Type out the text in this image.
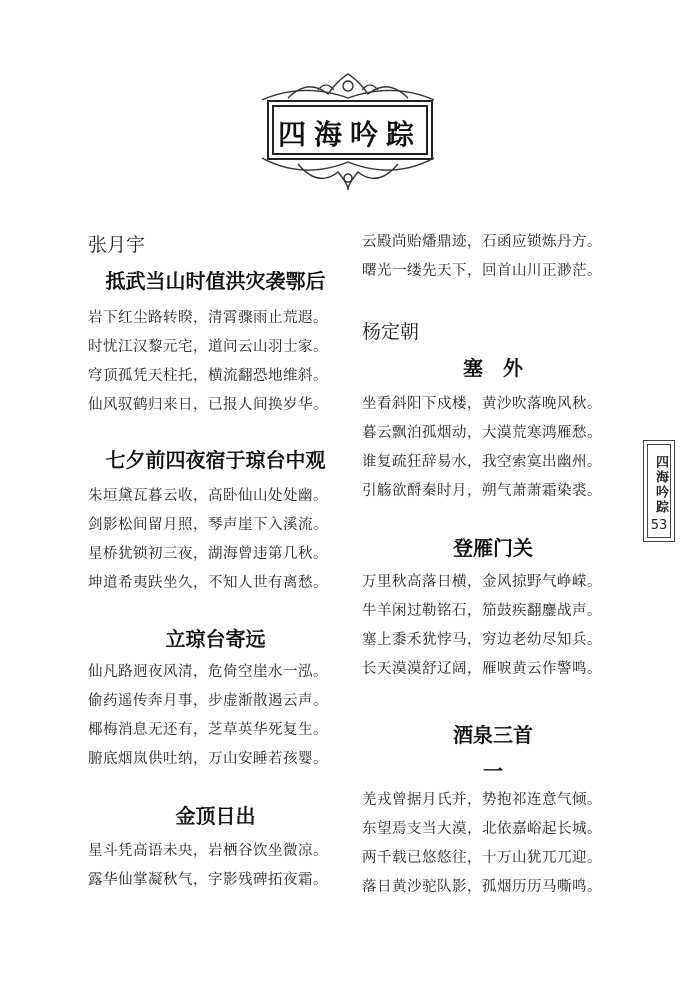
四海吟踪
张月宇
抵武当山时值洪灾袭鄂后
岩下红尘路转睽，清霄骤雨止荒遐。
时忧江汉黎元宅，道问云山羽士家。
穹顶孤凭天柱托，横流翻恐地维斜。
仙风驭鹤归来日，已报人间换岁华。
七夕前四夜宿于琼台中观
朱垣黛瓦暮云收，高卧仙山处处幽。
剑影松间留月照，琴声崖下入溪流。
星桥犹锁初三夜，湖海曾违第几秋。
坤道希夷趺坐久，不知人世有离愁。
立琼台寄远
仙凡路迥夜风清，危倚空崖水一泓。
偷药遥传奔月事，步虚渐散遏云声。
椰梅消息无还有，芝草英华死复生。
腑底烟岚供吐纳，万山安睡若孩婴。
金顶日出
星斗凭高语未央，岩栖谷饮坐微凉。
露华仙掌凝秋气，字影残碑拓夜霜。
云殿尚贻燔鼎迹，石函应锁炼丹方。
曙光一缕先天下，回首山川正渺茫。
杨定朝
塞　外
坐看斜阳下戍楼，黄沙吹落晚风秋。
暮云飘泊孤烟动，大漠荒寒鸿雁愁。
谁复疏狂辞易水，我空索寞出幽州。
引觞欲酹秦时月，朔气萧萧霜染裘。
登雁门关
万里秋高落日横，金风掠野气峥嵘。
牛羊闲过勒铭石，笳鼓疾翻鏖战声。
塞上黍禾犹悖马，穷边老幼尽知兵。
长天漠漠舒辽阔，雁唳黄云作警鸣。
酒泉三首
一
羌戎曾据月氏并，势抱祁连意气倾。
东望焉支当大漠，北依嘉峪起长城。
两千载已悠悠往，十万山犹兀兀迎。
落日黄沙驼队影，孤烟历历马嘶鸣。
四海吟踪
53
